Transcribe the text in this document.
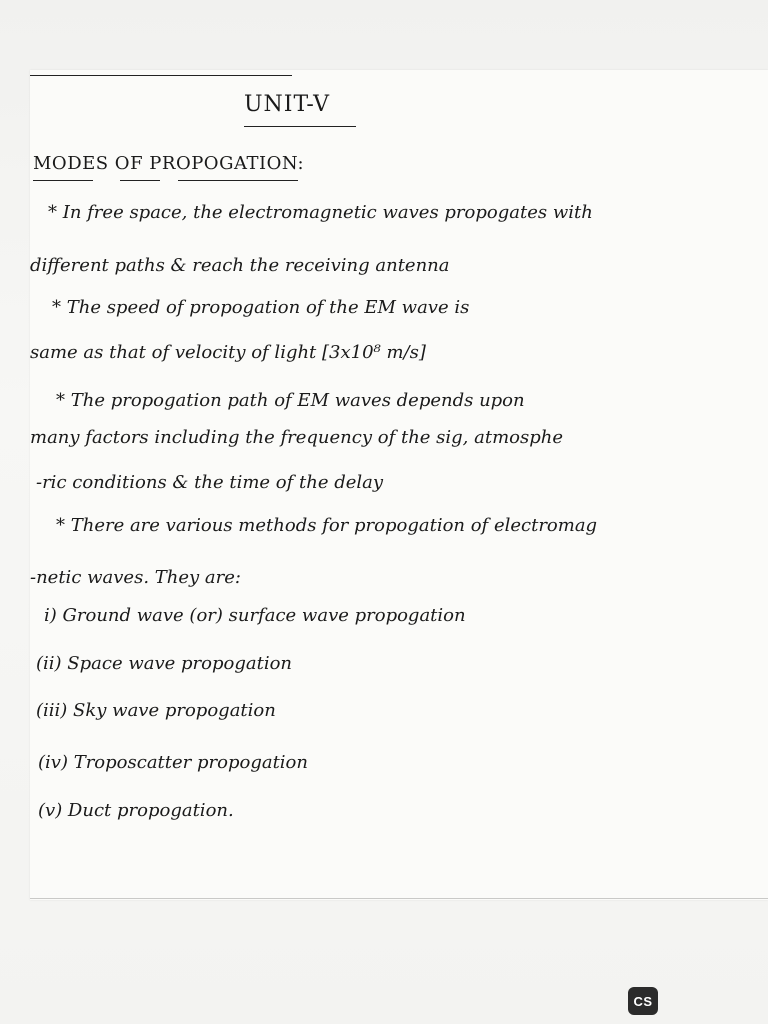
UNIT-V
MODES OF PROPOGATION:
* In free space, the electromagnetic waves propogates with
different paths & reach the receiving antenna
* The speed of propogation of the EM wave is
same as that of velocity of light [3x10⁸ m/s]
* The propogation path of EM waves depends upon
many factors including the frequency of the sig, atmosphe
-ric conditions & the time of the delay
* There are various methods for propogation of electromag
-netic waves. They are:
i) Ground wave (or) surface wave propogation
(ii) Space wave propogation
(iii) Sky wave propogation
(iv) Troposcatter propogation
(v) Duct propogation.
CS
